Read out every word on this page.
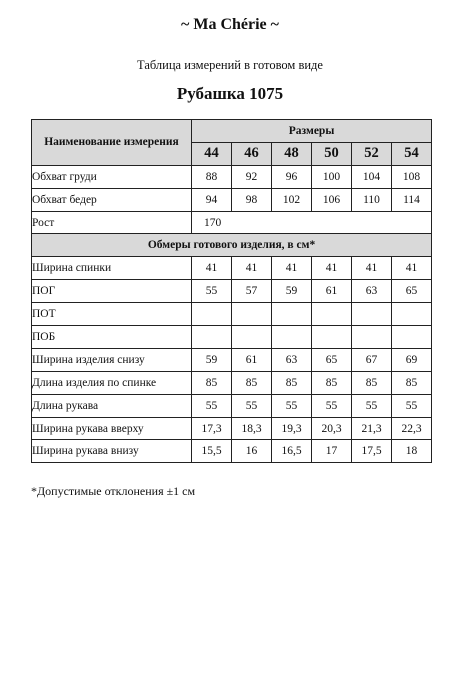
~ Ma Chérie ~
Таблица измерений в готовом виде
Рубашка 1075
Наименование измерения	Размеры					
	44	46	48	50	52	54
Обхват груди	88	92	96	100	104	108
Обхват бедер	94	98	102	106	110	114
Рост	170					
Обмеры готового изделия, в см*						
Ширина спинки	41	41	41	41	41	41
ПОГ	55	57	59	61	63	65
ПОТ						
ПОБ						
Ширина изделия снизу	59	61	63	65	67	69
Длина изделия по спинке	85	85	85	85	85	85
Длина рукава	55	55	55	55	55	55
Ширина рукава вверху	17,3	18,3	19,3	20,3	21,3	22,3
Ширина рукава внизу	15,5	16	16,5	17	17,5	18
*Допустимые отклонения ±1 см
